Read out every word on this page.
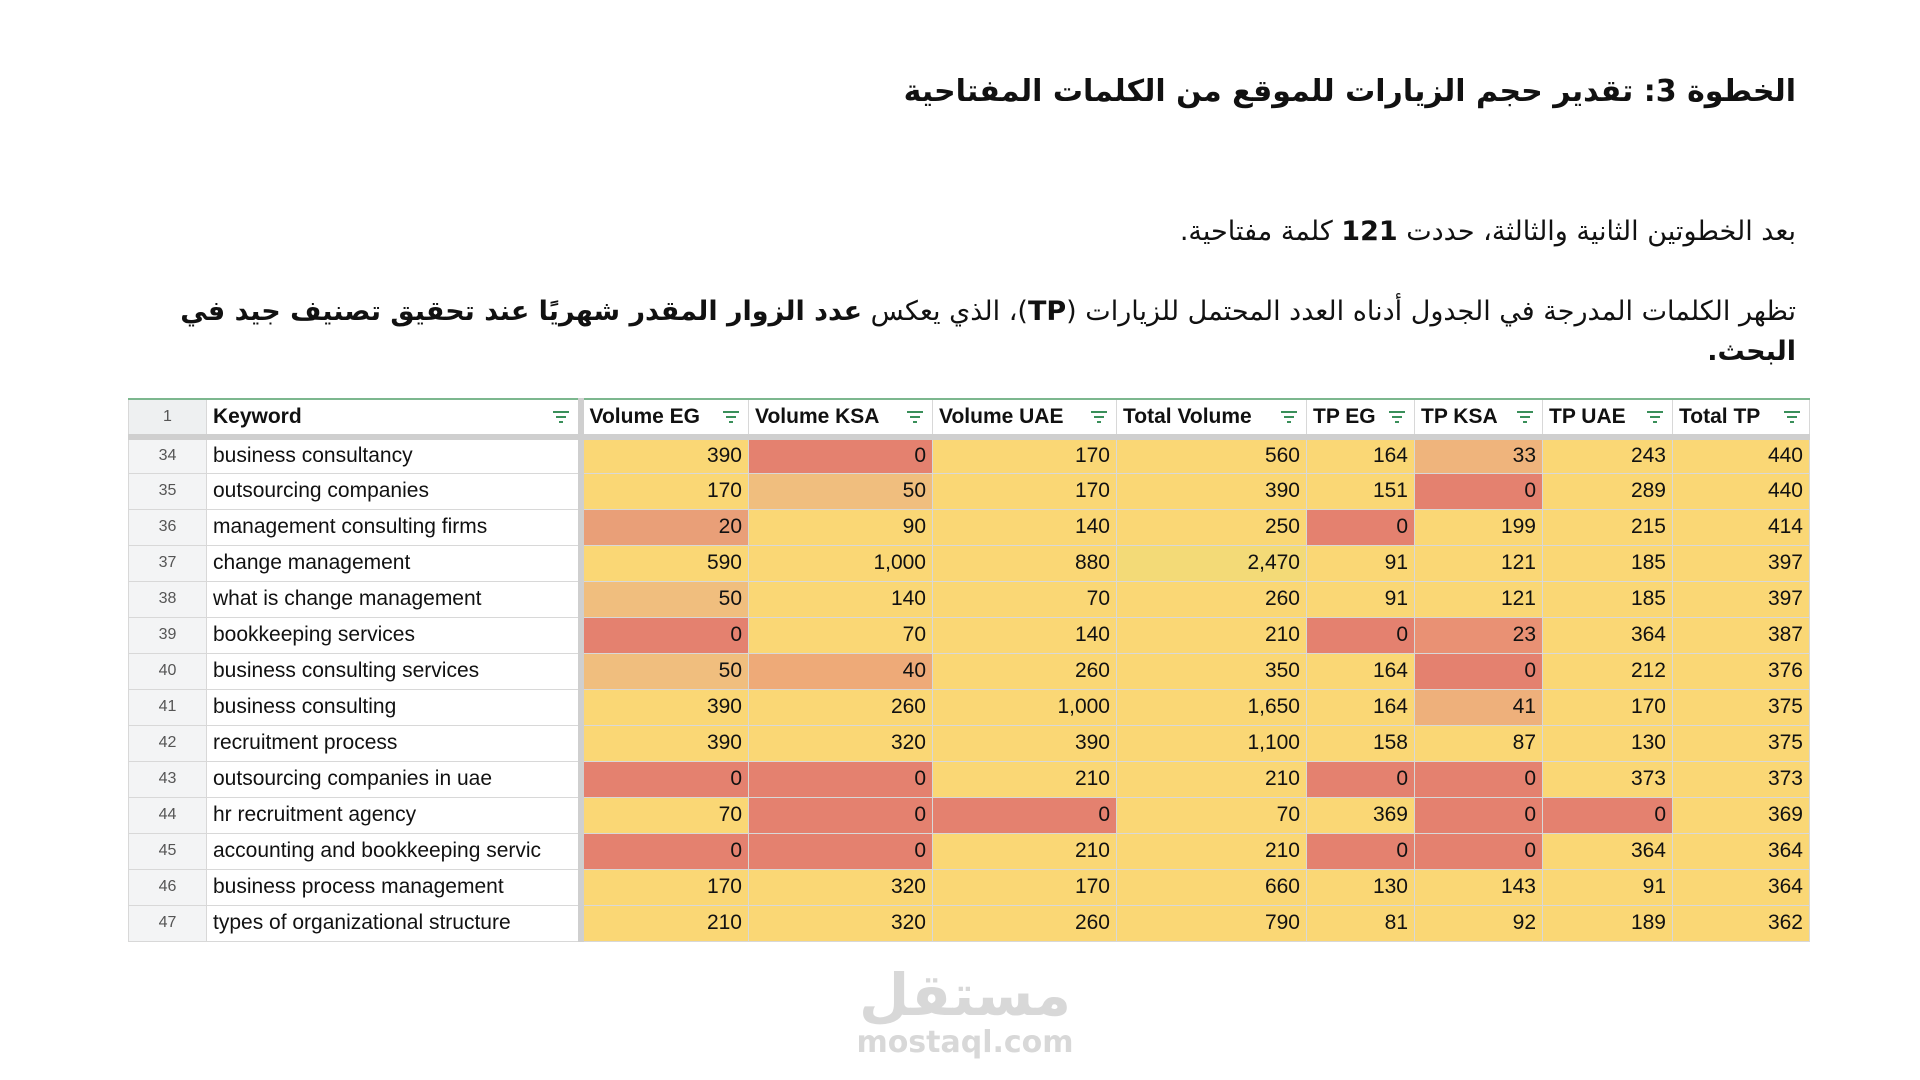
الخطوة 3: تقدير حجم الزيارات للموقع من الكلمات المفتاحية

بعد الخطوتين الثانية والثالثة، حددت 121 كلمة مفتاحية.

تظهر الكلمات المدرجة في الجدول أدناه العدد المحتمل للزيارات (TP)، الذي يعكس عدد الزوار المقدر شهريًا عند تحقيق تصنيف جيد في البحث.

1	Keyword	Volume EG	Volume KSA	Volume UAE	Total Volume	TP EG	TP KSA	TP UAE	Total TP

34	business consultancy	390	0	170	560	164	33	243	440
35	outsourcing companies	170	50	170	390	151	0	289	440
36	management consulting firms	20	90	140	250	0	199	215	414
37	change management	590	1,000	880	2,470	91	121	185	397
38	what is change management	50	140	70	260	91	121	185	397
39	bookkeeping services	0	70	140	210	0	23	364	387
40	business consulting services	50	40	260	350	164	0	212	376
41	business consulting	390	260	1,000	1,650	164	41	170	375
42	recruitment process	390	320	390	1,100	158	87	130	375
43	outsourcing companies in uae	0	0	210	210	0	0	373	373
44	hr recruitment agency	70	0	0	70	369	0	0	369
45	accounting and bookkeeping servic	0	0	210	210	0	0	364	364
46	business process management	170	320	170	660	130	143	91	364
47	types of organizational structure	210	320	260	790	81	92	189	362
مستقل
mostaql.com
